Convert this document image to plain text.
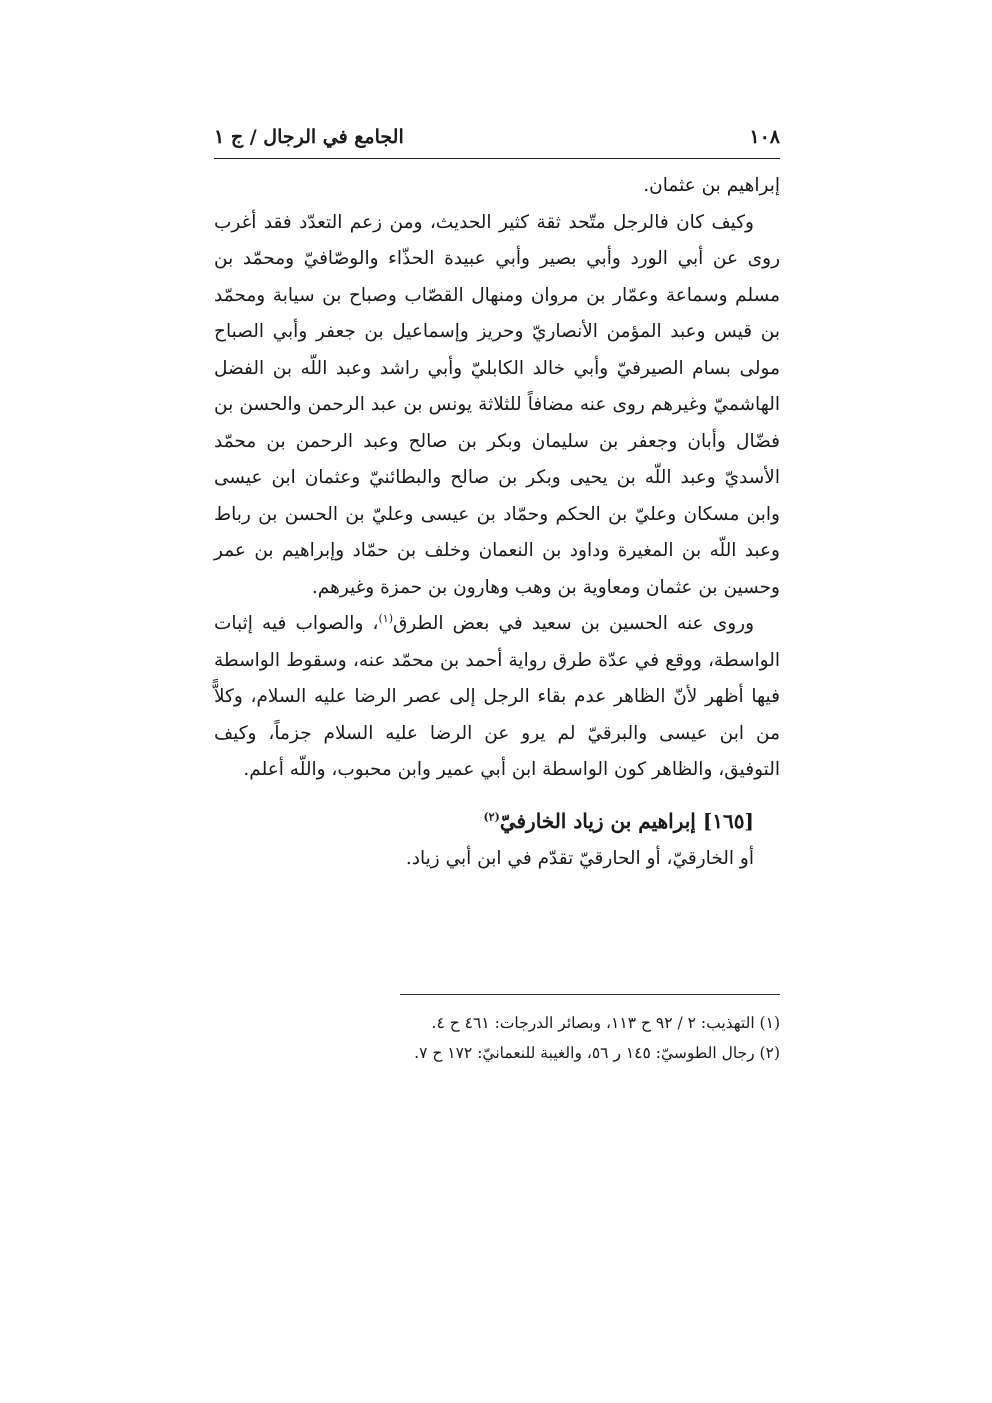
١٠٨
الجامع في الرجال / ج ١

إبراهيم بن عثمان.

وكيف كان فالرجل متّحد ثقة كثير الحديث، ومن زعم التعدّد فقد أغرب روى عن أبي الورد وأبي بصير وأبي عبيدة الحذّاء والوصّافيّ ومحمّد بن مسلم وسماعة وعمّار بن مروان ومنهال القصّاب وصباح بن سيابة ومحمّد بن قيس وعبد المؤمن الأنصاريّ وحريز وإسماعيل بن جعفر وأبي الصباح مولى بسام الصيرفيّ وأبي خالد الكابليّ وأبي راشد وعبد اللّه بن الفضل الهاشميّ وغيرهم روى عنه مضافاً للثلاثة يونس بن عبد الرحمن والحسن بن فضّال وأبان وجعفر بن سليمان وبكر بن صالح وعبد الرحمن بن محمّد الأسديّ وعبد اللّه بن يحيى وبكر بن صالح والبطائنيّ وعثمان ابن عيسى وابن مسكان وعليّ بن الحكم وحمّاد بن عيسى وعليّ بن الحسن بن رباط وعبد اللّه بن المغيرة وداود بن النعمان وخلف بن حمّاد وإبراهيم بن عمر وحسين بن عثمان ومعاوية بن وهب وهارون بن حمزة وغيرهم.

وروى عنه الحسين بن سعيد في بعض الطرق$^{(١)}$، والصواب فيه إثبات الواسطة، ووقع في عدّة طرق رواية أحمد بن محمّد عنه، وسقوط الواسطة فيها أظهر لأنّ الظاهر عدم بقاء الرجل إلى عصر الرضا عليه السلام، وكلاًّ من ابن عيسى والبرقيّ لم يرو عن الرضا عليه السلام جزماً، وكيف التوفيق، والظاهر كون الواسطة ابن أبي عمير وابن محبوب، واللّه أعلم.

[١٦٥] إبراهيم بن زياد الخارفيّ$^{(٢)}$

أو الخارقيّ، أو الحارقيّ تقدّم في ابن أبي زياد.

(١) التهذيب: ٢ / ٩٢ ح ١١٣، وبصائر الدرجات: ٤٦١ ح ٤.

(٢) رجال الطوسيّ: ١٤٥ ر ٥٦، والغيبة للنعمانيّ: ١٧٢ ح ٧.
